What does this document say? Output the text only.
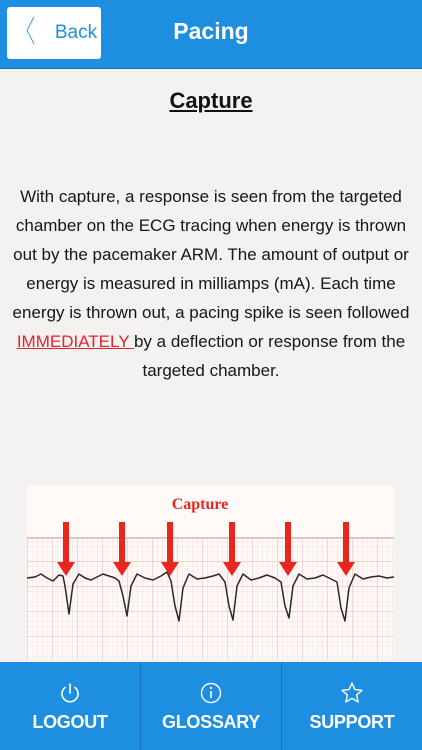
〈 Back	Pacing
Capture
With capture, a response is seen from the targeted chamber on the ECG tracing when energy is thrown out by the pacemaker ARM. The amount of output or energy is measured in milliamps (mA). Each time energy is thrown out, a pacing spike is seen followed IMMEDIATELY by a deflection or response from the targeted chamber.
Capture
LOGOUT	GLOSSARY	SUPPORT
